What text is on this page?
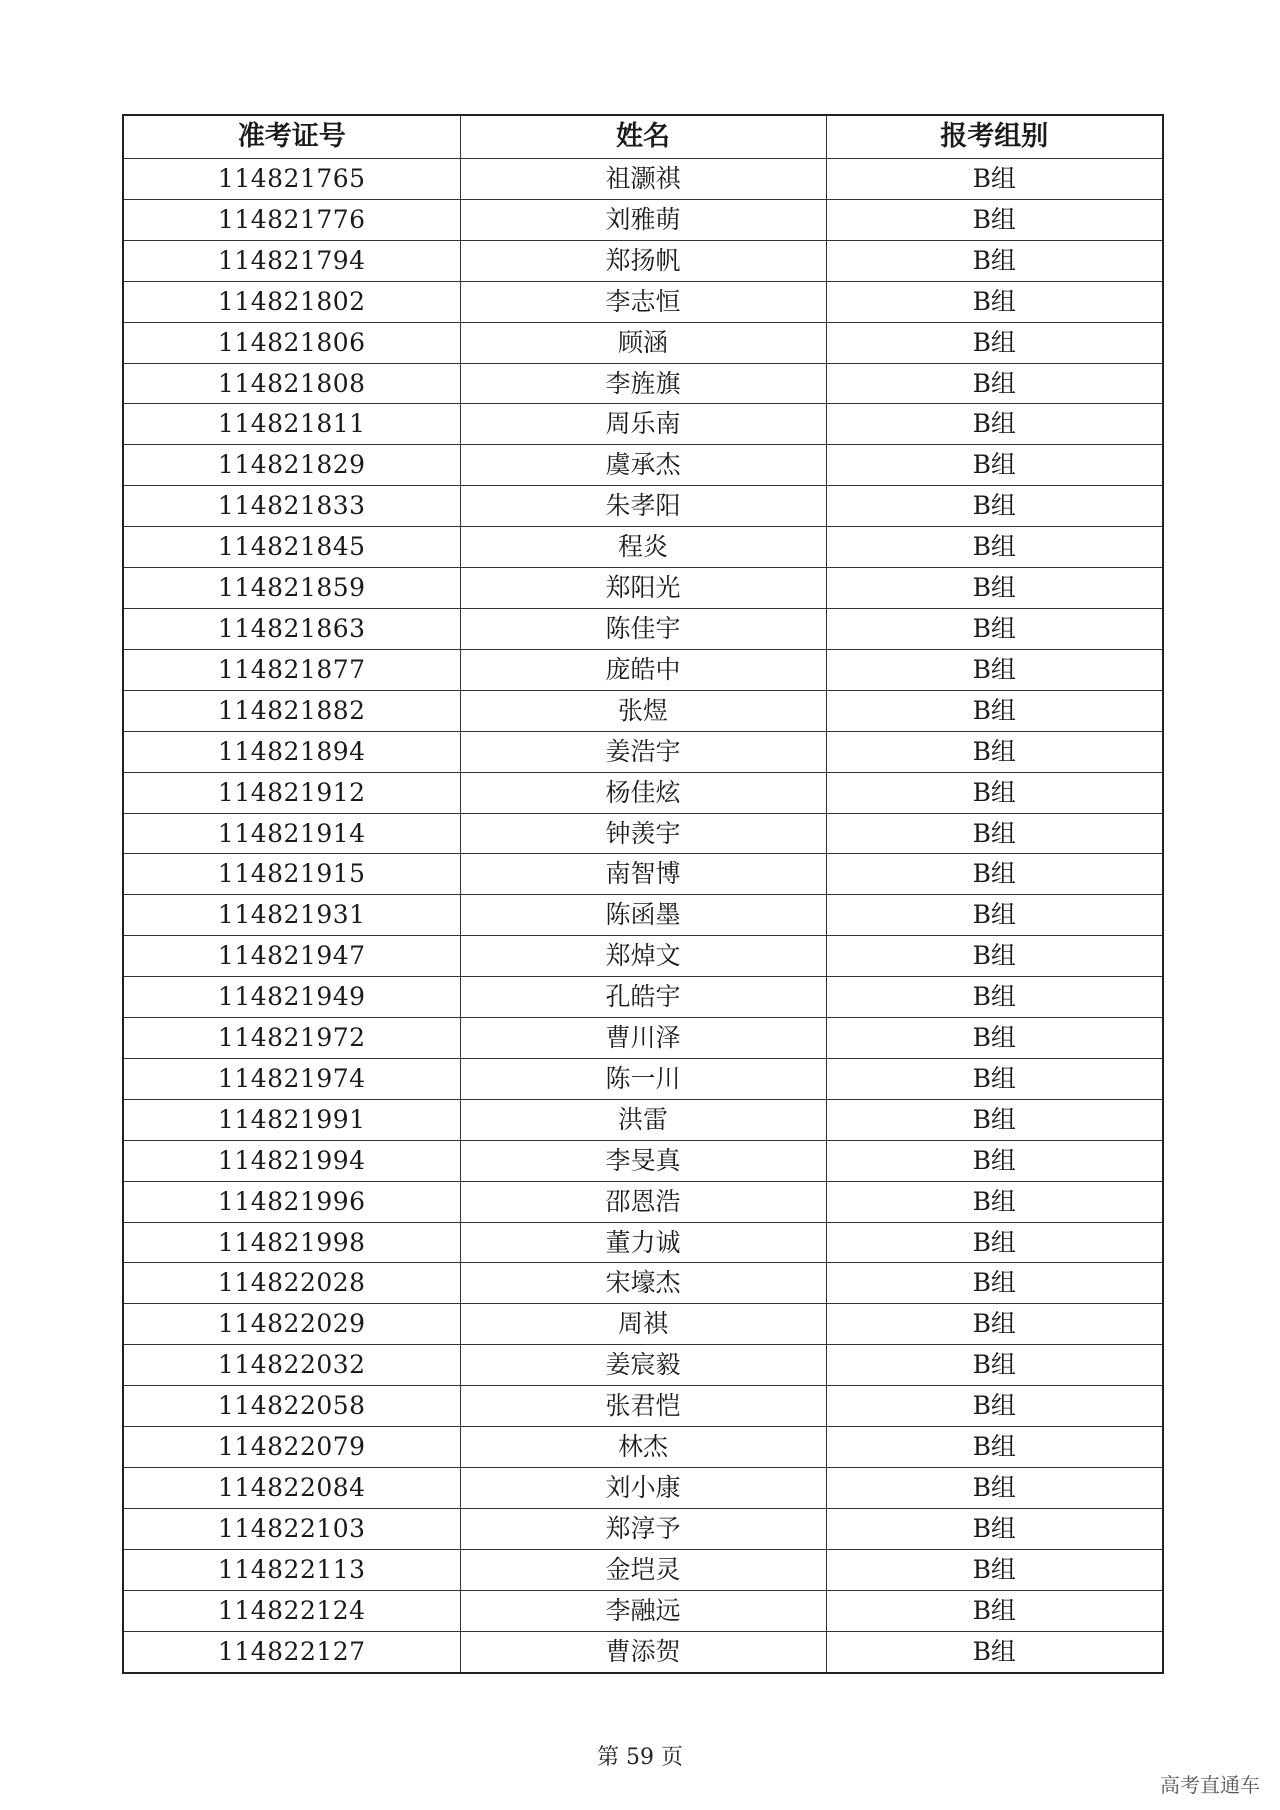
准考证号	姓名	报考组别
114821765	祖灏祺	B组
114821776	刘雅萌	B组
114821794	郑扬帆	B组
114821802	李志恒	B组
114821806	顾涵	B组
114821808	李旌旗	B组
114821811	周乐南	B组
114821829	虞承杰	B组
114821833	朱孝阳	B组
114821845	程炎	B组
114821859	郑阳光	B组
114821863	陈佳宇	B组
114821877	庞皓中	B组
114821882	张煜	B组
114821894	姜浩宇	B组
114821912	杨佳炫	B组
114821914	钟羡宇	B组
114821915	南智博	B组
114821931	陈函墨	B组
114821947	郑焯文	B组
114821949	孔皓宇	B组
114821972	曹川泽	B组
114821974	陈一川	B组
114821991	洪雷	B组
114821994	李旻真	B组
114821996	邵恩浩	B组
114821998	董力诚	B组
114822028	宋壕杰	B组
114822029	周祺	B组
114822032	姜宸毅	B组
114822058	张君恺	B组
114822079	林杰	B组
114822084	刘小康	B组
114822103	郑淳予	B组
114822113	金垲灵	B组
114822124	李融远	B组
114822127	曹添贺	B组
第 59 页
高考直通车
